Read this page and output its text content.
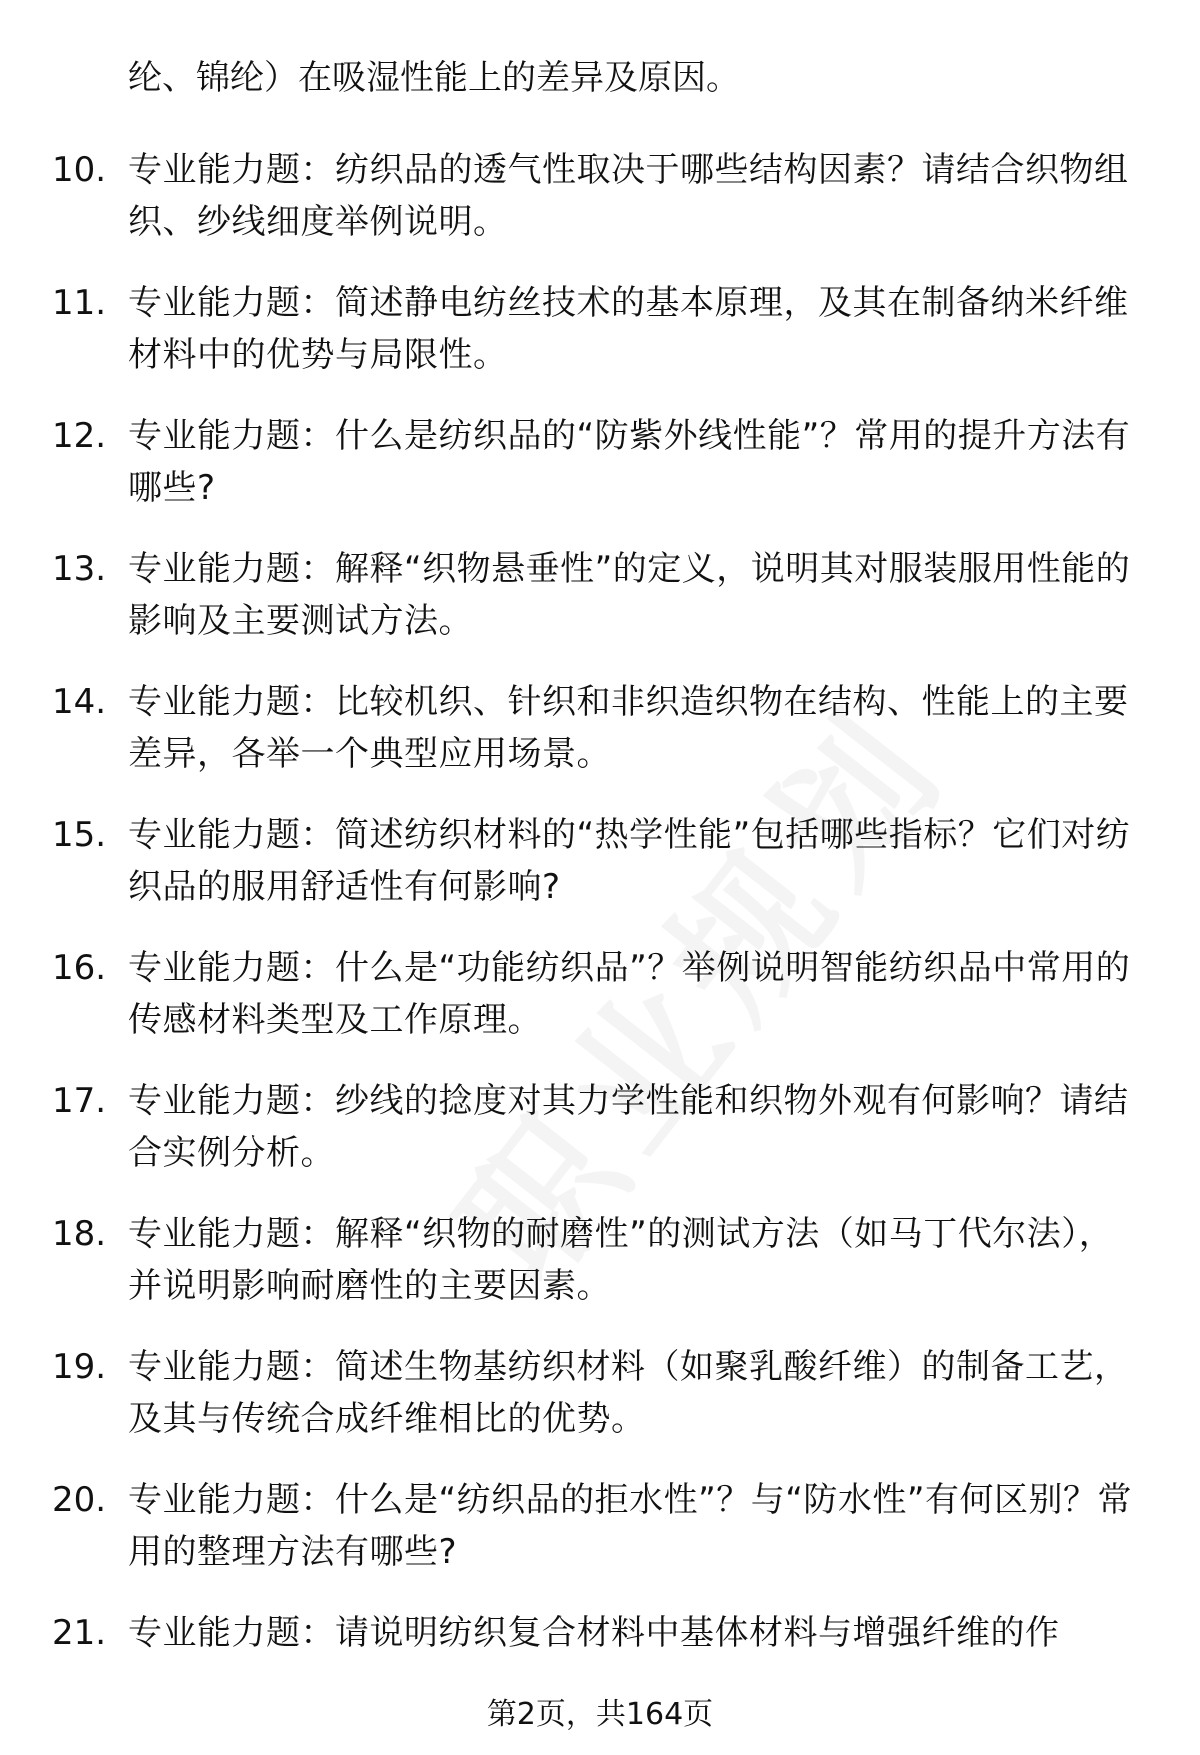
纶、锦纶）在吸湿性能上的差异及原因。
10. 专业能力题：纺织品的透气性取决于哪些结构因素？请结合织物组织、纱线细度举例说明。
11. 专业能力题：简述静电纺丝技术的基本原理，及其在制备纳米纤维材料中的优势与局限性。
12. 专业能力题：什么是纺织品的“防紫外线性能”？常用的提升方法有哪些?
13. 专业能力题：解释“织物悬垂性”的定义，说明其对服装服用性能的影响及主要测试方法。
14. 专业能力题：比较机织、针织和非织造织物在结构、性能上的主要差异，各举一个典型应用场景。
15. 专业能力题：简述纺织材料的“热学性能”包括哪些指标？它们对纺织品的服用舒适性有何影响?
16. 专业能力题：什么是“功能纺织品”？举例说明智能纺织品中常用的传感材料类型及工作原理。
17. 专业能力题：纱线的捻度对其力学性能和织物外观有何影响？请结合实例分析。
18. 专业能力题：解释“织物的耐磨性”的测试方法（如马丁代尔法），并说明影响耐磨性的主要因素。
19. 专业能力题：简述生物基纺织材料（如聚乳酸纤维）的制备工艺，及其与传统合成纤维相比的优势。
20. 专业能力题：什么是“纺织品的拒水性”？与“防水性”有何区别？常用的整理方法有哪些?
21. 专业能力题：请说明纺织复合材料中基体材料与增强纤维的作
第2页，共164页
